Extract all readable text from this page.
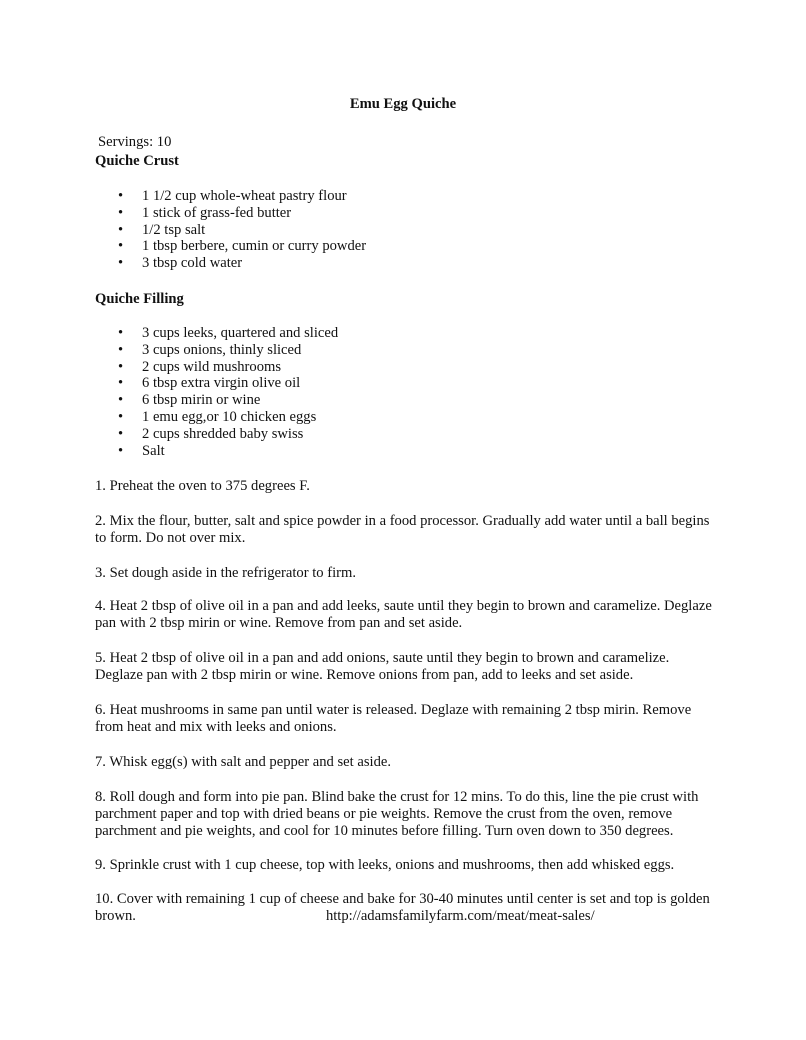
Emu Egg Quiche
Servings: 10
Quiche Crust
• 1 1/2 cup whole-wheat pastry flour
• 1 stick of grass-fed butter
• 1/2 tsp salt
• 1 tbsp berbere, cumin or curry powder
• 3 tbsp cold water
Quiche Filling
• 3 cups leeks, quartered and sliced
• 3 cups onions, thinly sliced
• 2 cups wild mushrooms
• 6 tbsp extra virgin olive oil
• 6 tbsp mirin or wine
• 1 emu egg,or 10 chicken eggs
• 2 cups shredded baby swiss
• Salt

1. Preheat the oven to 375 degrees F.

2. Mix the flour, butter, salt and spice powder in a food processor. Gradually add water until a ball begins to form. Do not over mix.

3. Set dough aside in the refrigerator to firm.

4. Heat 2 tbsp of olive oil in a pan and add leeks, saute until they begin to brown and caramelize. Deglaze pan with 2 tbsp mirin or wine. Remove from pan and set aside.

5. Heat 2 tbsp of olive oil in a pan and add onions, saute until they begin to brown and caramelize. Deglaze pan with 2 tbsp mirin or wine. Remove onions from pan, add to leeks and set aside.

6. Heat mushrooms in same pan until water is released. Deglaze with remaining 2 tbsp mirin. Remove from heat and mix with leeks and onions.

7. Whisk egg(s) with salt and pepper and set aside.

8. Roll dough and form into pie pan. Blind bake the crust for 12 mins. To do this, line the pie crust with parchment paper and top with dried beans or pie weights. Remove the crust from the oven, remove parchment and pie weights, and cool for 10 minutes before filling. Turn oven down to 350 degrees.

9. Sprinkle crust with 1 cup cheese, top with leeks, onions and mushrooms, then add whisked eggs.

10. Cover with remaining 1 cup of cheese and bake for 30-40 minutes until center is set and top is golden brown.	http://adamsfamilyfarm.com/meat/meat-sales/
